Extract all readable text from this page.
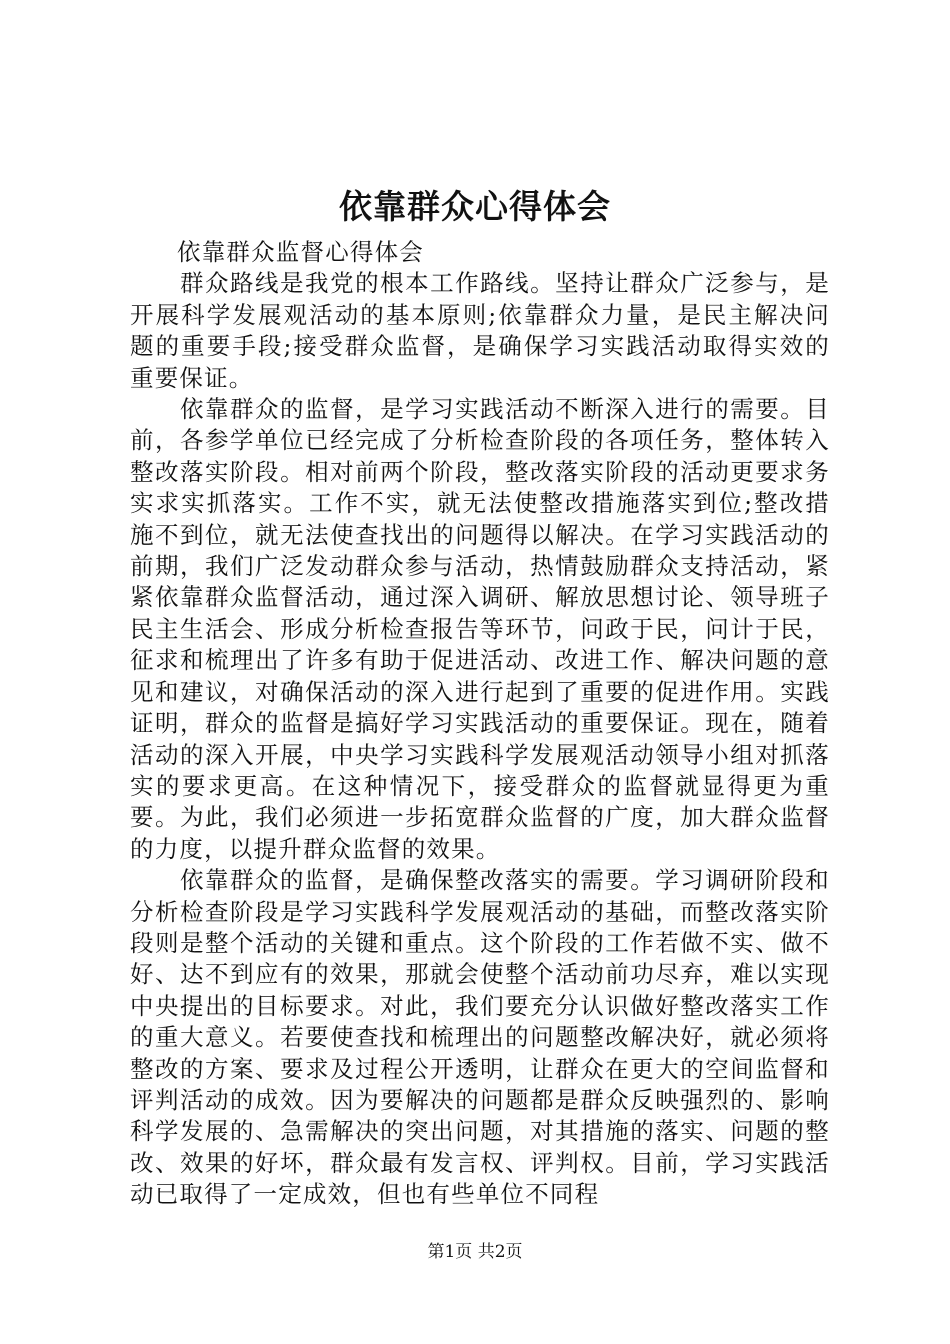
依靠群众心得体会

依靠群众监督心得体会

群众路线是我党的根本工作路线。坚持让群众广泛参与，是开展科学发展观活动的基本原则;依靠群众力量，是民主解决问题的重要手段;接受群众监督，是确保学习实践活动取得实效的重要保证。

依靠群众的监督，是学习实践活动不断深入进行的需要。目前，各参学单位已经完成了分析检查阶段的各项任务，整体转入整改落实阶段。相对前两个阶段，整改落实阶段的活动更要求务实求实抓落实。工作不实，就无法使整改措施落实到位;整改措施不到位，就无法使查找出的问题得以解决。在学习实践活动的前期，我们广泛发动群众参与活动，热情鼓励群众支持活动，紧紧依靠群众监督活动，通过深入调研、解放思想讨论、领导班子民主生活会、形成分析检查报告等环节，问政于民，问计于民，征求和梳理出了许多有助于促进活动、改进工作、解决问题的意见和建议，对确保活动的深入进行起到了重要的促进作用。实践证明，群众的监督是搞好学习实践活动的重要保证。现在，随着活动的深入开展，中央学习实践科学发展观活动领导小组对抓落实的要求更高。在这种情况下，接受群众的监督就显得更为重要。为此，我们必须进一步拓宽群众监督的广度，加大群众监督的力度，以提升群众监督的效果。

依靠群众的监督，是确保整改落实的需要。学习调研阶段和分析检查阶段是学习实践科学发展观活动的基础，而整改落实阶段则是整个活动的关键和重点。这个阶段的工作若做不实、做不好、达不到应有的效果，那就会使整个活动前功尽弃，难以实现中央提出的目标要求。对此，我们要充分认识做好整改落实工作的重大意义。若要使查找和梳理出的问题整改解决好，就必须将整改的方案、要求及过程公开透明，让群众在更大的空间监督和评判活动的成效。因为要解决的问题都是群众反映强烈的、影响科学发展的、急需解决的突出问题，对其措施的落实、问题的整改、效果的好坏，群众最有发言权、评判权。目前，学习实践活动已取得了一定成效，但也有些单位不同程

第1页 共2页
